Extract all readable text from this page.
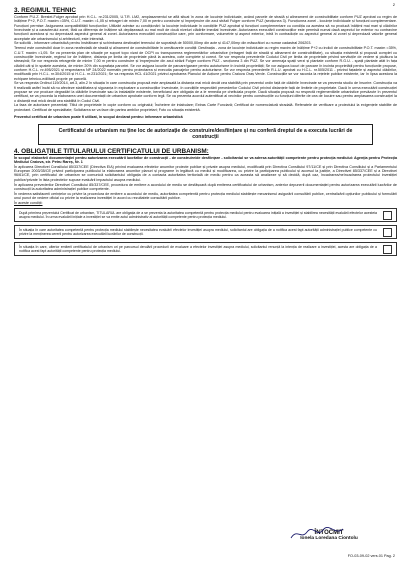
2
3. REGIMUL TEHNIC
Conform P.U.Z. Brestei-Fulger aprobat prin H.C.L. nr.231/2005, U.T.R. LM2, amplasamentul se află situat în zona de locuințe individuale, având parcele de stradă și alineament de construibilitate conform PUZ aprobat cu regim de înălțime P+2, P.O.T. maxim =35%, C.U.T. maxim =1,05 și retrageri de minim 7,00 m pentru construire și împrejmuire din axul străzii Fulger conform PUZ (secțiunea 3). Funcțiunea zonei - locuințe individuale și funcțiuni complementare. Funcțiuni permise: Asigurarea compatibilității funcțiunilor; Utilizări admise cu condiționări: la locuințe individuale în condițiile PUZ aprobat și funcțiuni complementare cu condiția ca acestea să nu producă înălțimi mai mari și clădirilor învecinate și a caracterului zonei, fără ca diferența de înălțime să depășească cu mai mult de două niveluri clădirile imediat învecinate. Autorizarea executării construcțiilor este permisă numai dacă aspectul lor exterior nu contravine funcțiunii acestora și nu depreciază aspectul general al zonei. Autorizarea executării construcțiilor care, prin conformare, volumetrie și aspect exterior, intră în contradicție cu aspectul general al zonei și depreciază valorile general acceptate ale urbanismului și arhitecturii, este interzisă.
Se solicită - informare urbanistică pentru înstrăinare și schimbarea destinației terenului de suprafață de 50000,00mp din acte și 4147,00mp din măsurători cu numar cadastral 206203.
Terenul este construibil doar în zona neafectată de stradă și alinament de construibilitate în următoarele condiții: Destinația - zona de locuințe individuale cu regim maxim de înălțime P+2 cu indicii de construibilitate P.O.T. maxim =35%, C.U.T. maxim =1,05. Se va prezenta plan de situație pe suport topo vizat de OCPI cu transpunerea reglementărilor urbanistice (retrageri față de stradă și alinament de construibilitate), cu situația existentă și propusă complet cu construcțiile învecinate, regimul lor de înălțime, distanța pe limita de proprietate până la acestea, cote complete și corect. Se vor respecta prevederile Codului Civil pe limita de proprietate privind servituțile de vedere și picătura la streașină; Se vor respecta retragerile de minim 7,00 m pentru construire și împrejmuire din axul străzii Fulger conform PUZ - secțiunea 3 din PUZ. Se vor amenaja spații verzi și plantate conform R.G.U. - spații plantate atât în fața clădirii cât și în spatele acesteia, de minim 20% din suprafața parcelei. Se vor asigura locurile de parcare/garare pentru autoturisme în incintă proprietății; Se vor asigura locuri de parcare în incinta proprietății pentru funcțiunile propuse, conform H.C.L. nr.495/2021 și respectarea NP 24/2022 normativ pentru proiectarea și executia parcajelor pentru autoturisme. Se vor respecta prevederile R.L.U. aprobat cu H.C.L. nr.505/2011 - privind fațadele și aspectul clădirilor, modificată prin H.C.L. nr.304/2015 și H.C.L. nr.231/2021; Se va respecta HCL 41/2021 privind aprobarea Planului de Acțiune pentru Craiova Oraș Verde. Construcțiile se vor racorda la rețelele publice existente, iar în lipsa acestora la echipare tehnico-edilitară proprie pe parcelă.
Se va respecta Ordinul 119/2014, art.3, alin.2 în situația în care construcția propusă este amplasată la distanța mai mică decât cea stabilită prin prezentul ordin față de clădirile învecinate se va prezenta studiu de însorire. Construcția va fi realizată astfel încât să nu afecteze stabilitatea și siguranța în exploatare a construcțiilor învecinate, în condițiile respectării prevederilor Codului Civil privind distanțele față de limitele de proprietate. Dacă în urma executării construcției propuse se vor produce degradări la clădirile învecinate sau la instalațiile existente, beneficiarul are obligația de a le remedia pe cheltuiala proprie. Dacă situația propusă nu respectă reglementările urbanistice prevăzute în prezentul certificat, se va proceda la elaborarea unei documentații de urbanism aprobate conform legii. Se va prezenta acordul autentificat al vecinilor pentru construcțiile cu funcțiuni diferite de cea de locuire sau pentru amplasarea construcției la o distanță mai mică decât cea stabilită în Codul Civil.
La faza de autorizare prezentați: Titlul de proprietate în copie conform cu originalul; Încheiere de intabulare; Extras Carte Funciară; Certificat de nomenclatură stradală. Referatele de verificare a proiectului la exigențele stabilite de proiectant. Certificat de specialitate; Solicitarea se va face din partea ambilor proprietari; Foto cu situația existentă.
Prezentul certificat de urbanism poate fi utilizat, în scopul declarat pentru: informare urbanistică
Certificatul de urbanism nu ține loc de autorizație de construire/desființare și nu conferă dreptul de a executa lucrări de construcții
4. OBLIGAȚIILE TITULARULUI CERTIFICATULUI DE URBANISM:
În scopul elaborării documentației pentru autorizarea executării lucrărilor de construcții - de construire/de desființare - solicitantul se va adresa autorității competente pentru protecția mediului: Agenția pentru Protecția Mediului Craiova, str. Petru Rareș, Nr. 1
În aplicarea Directivei Consiliului 85/337/CEE (Directiva EIA) privind evaluarea efectelor anumitor proiecte publice și private asupra mediului, modificată prin Directiva Consiliului 97/11/CE și prin Directiva Consiliului și a Parlamentului European 2003/35/CE privind participarea publicului la elaborarea anumitor planuri și programe în legătură cu mediul și modificarea, cu privire la participarea publicului și accesul la justiție, a Directivei 85/337/CEE și a Directivei 96/61/CE, prin certificatul de urbanism se comunică solicitantului obligația de a contacta autoritatea teritorială de mediu pentru ca aceasta să analizeze și să decidă, după caz, încadrarea/neîncadrarea proiectului investiției publice/private în lista proiectelor supuse evaluării impactului asupra mediului.
În aplicarea prevederilor Directivei Consiliului 85/337/CEE, procedura de emitere a acordului de mediu se desfășoară după emiterea certificatului de urbanism, anterior depunerii documentației pentru autorizarea executării lucrărilor de construcții la autoritatea administrației publice competente.
În vederea satisfacerii cerințelor cu privire la procedura de emitere a acordului de mediu, autoritatea competentă pentru protecția mediului stabilește mecanismul asigurării consultării publice, centralizării opțiunilor publicului și formulării unui punct de vedere oficial cu privire la realizarea investiției în acord cu rezultatele consultării publice.
În aceste condiții:
După primirea prezentului Certificat de urbanism, TITULARUL are obligația de a se prezenta la autoritatea competentă pentru protecția mediului pentru evaluarea inițială a investiției și stabilirea necesității evaluării efectelor acesteia asupra mediului. În urma evaluării inițiale a investiției se va emite actul administrativ al autorității competente pentru protecția mediului.
În situația în care autoritatea competentă pentru protecția mediului stabilește necesitatea evaluării efectelor investiției asupra mediului, solicitantul are obligația de a notifica acest fapt autorității administrației publice competente cu privire la menținerea cererii pentru autorizarea executării lucrărilor de construcții.
În situația în care, ulterior emiterii certificatului de urbanism ori pe parcursul derulării procedurii de evaluare a efectelor investiției asupra mediului, solicitantul renunță la intenția de realizare a investiției, acesta are obligația de a notifica acest fapt autorității competente pentru protecția mediului.
ÎNTOCMIT
Ionela Loredana Ciontolu
FO-03-09-02 vers.01 Pag. 2
